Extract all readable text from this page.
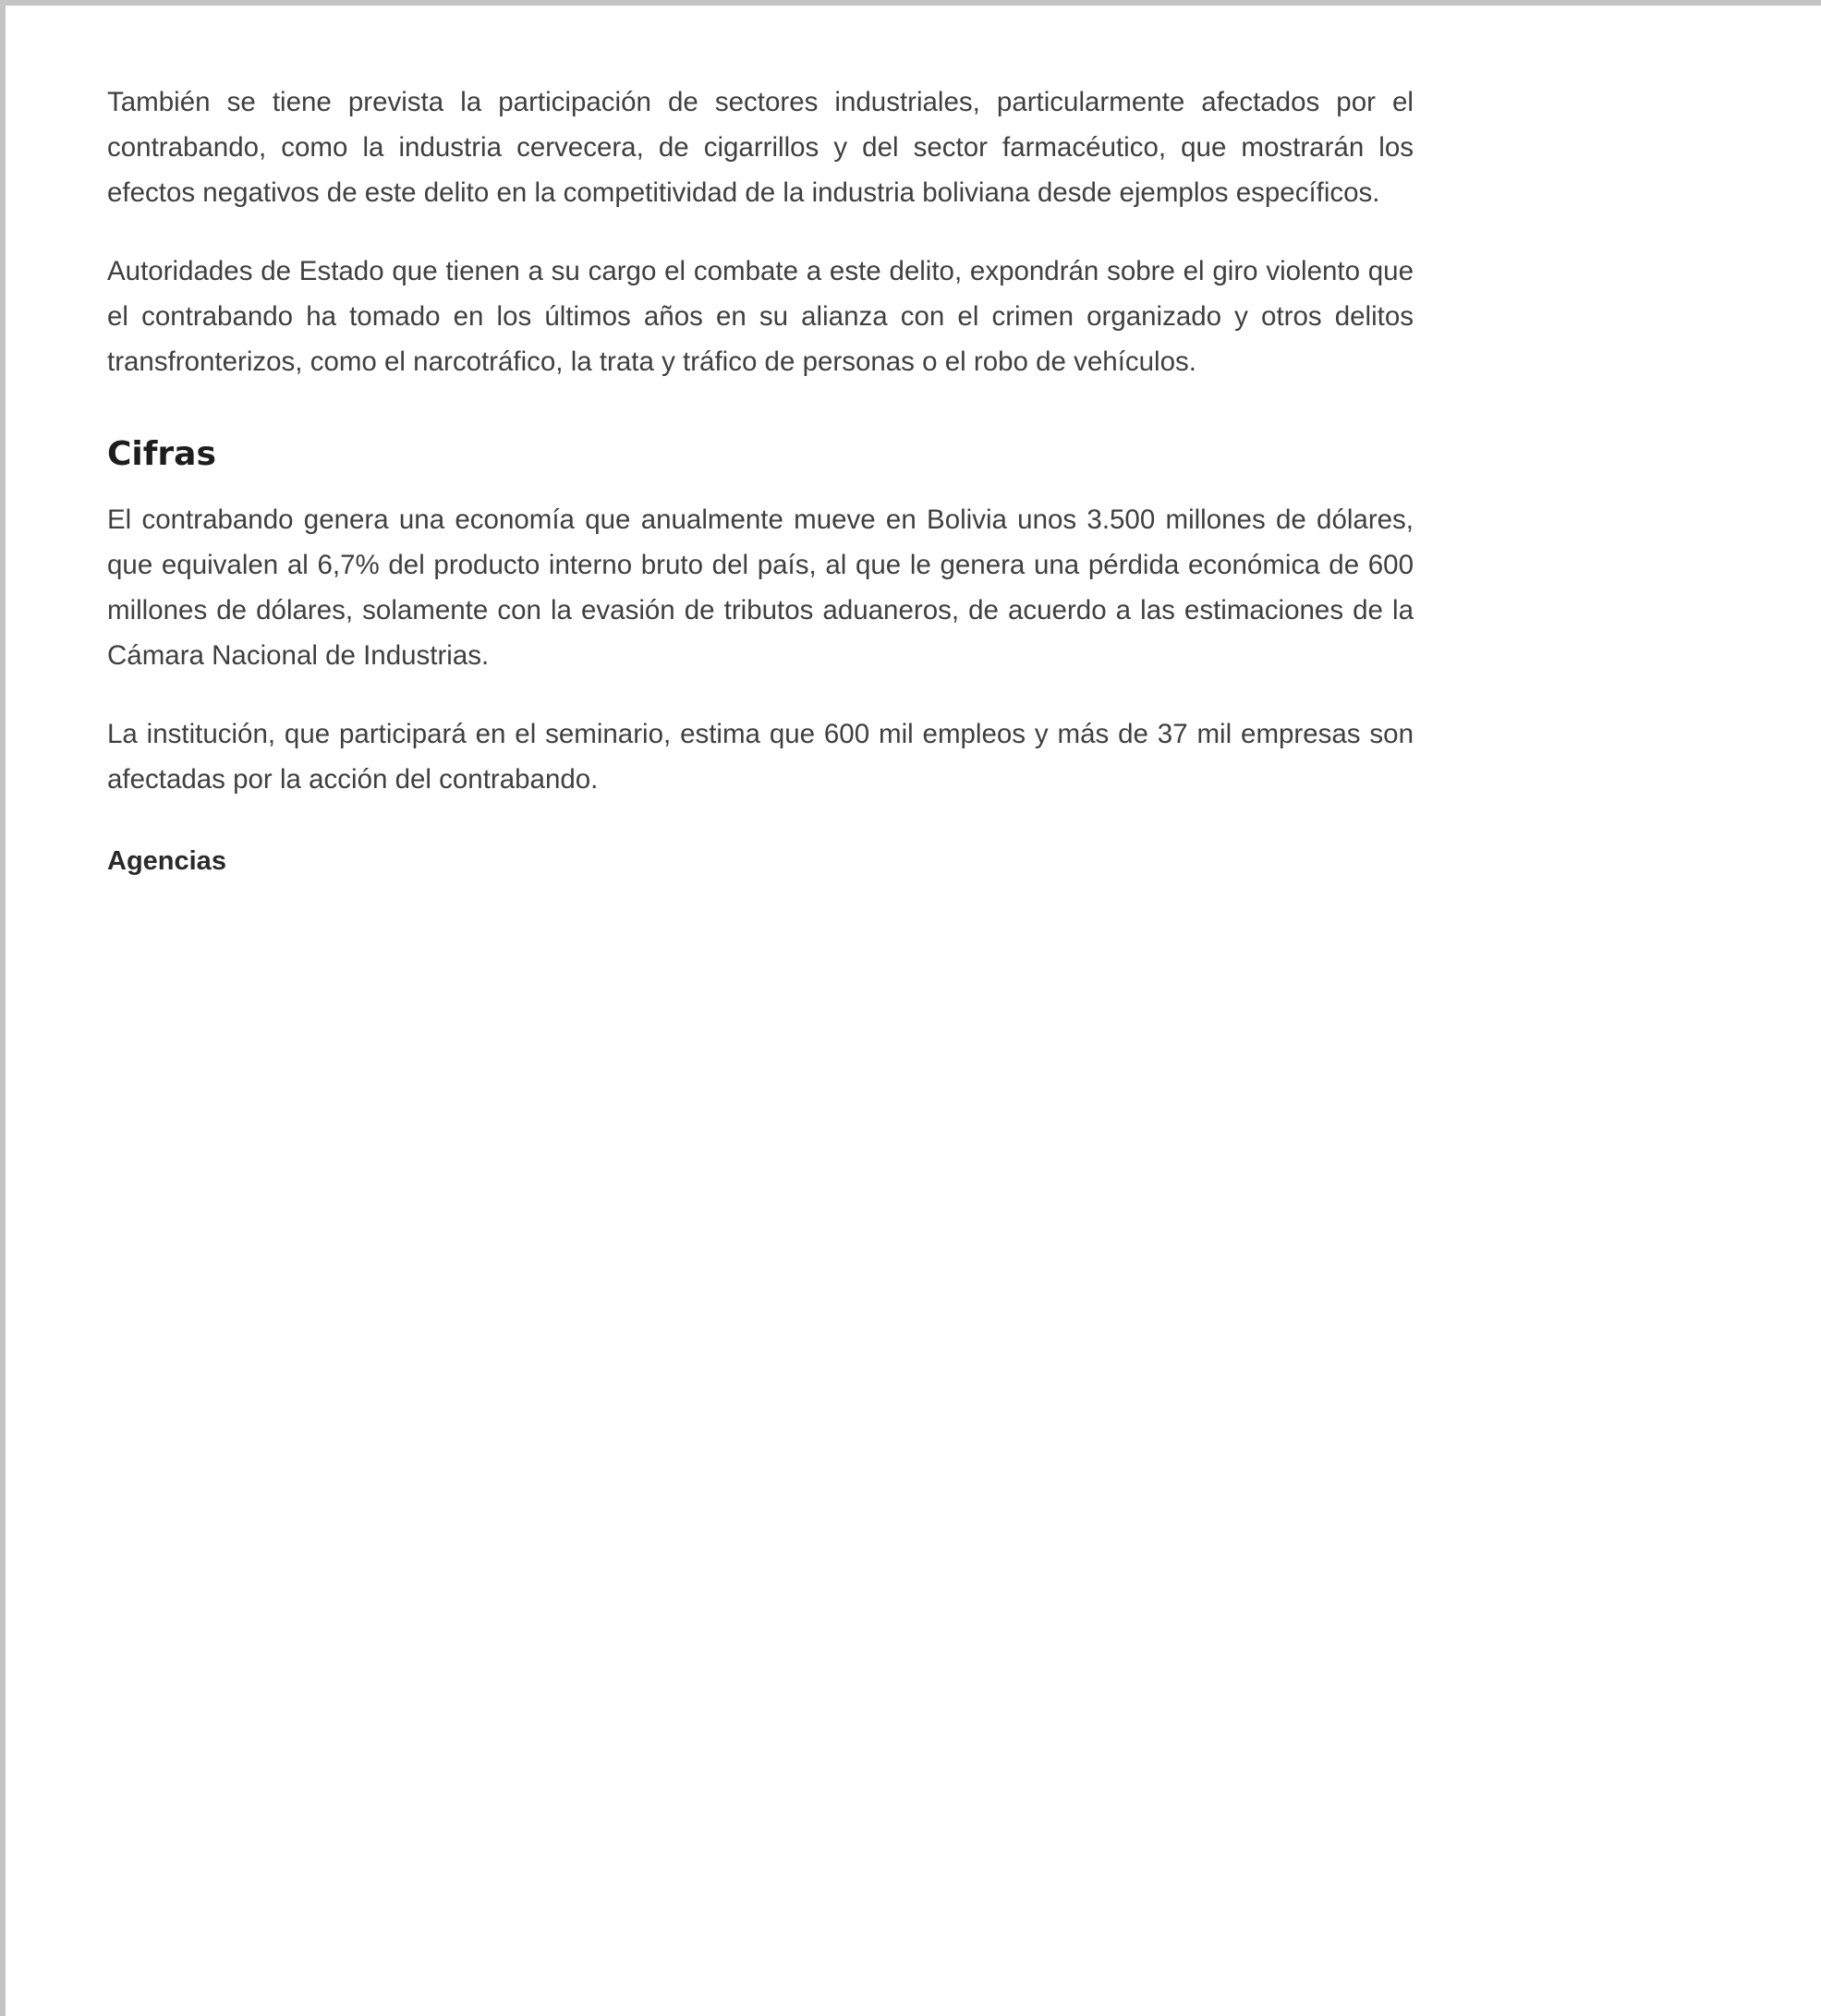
También se tiene prevista la participación de sectores industriales, particularmente afectados por el contrabando, como la industria cervecera, de cigarrillos y del sector farmacéutico, que mostrarán los efectos negativos de este delito en la competitividad de la industria boliviana desde ejemplos específicos.

Autoridades de Estado que tienen a su cargo el combate a este delito, expondrán sobre el giro violento que el contrabando ha tomado en los últimos años en su alianza con el crimen organizado y otros delitos transfronterizos, como el narcotráfico, la trata y tráfico de personas o el robo de vehículos.

Cifras

El contrabando genera una economía que anualmente mueve en Bolivia unos 3.500 millones de dólares, que equivalen al 6,7% del producto interno bruto del país, al que le genera una pérdida económica de 600 millones de dólares, solamente con la evasión de tributos aduaneros, de acuerdo a las estimaciones de la Cámara Nacional de Industrias.

La institución, que participará en el seminario, estima que 600 mil empleos y más de 37 mil empresas son afectadas por la acción del contrabando.

Agencias
